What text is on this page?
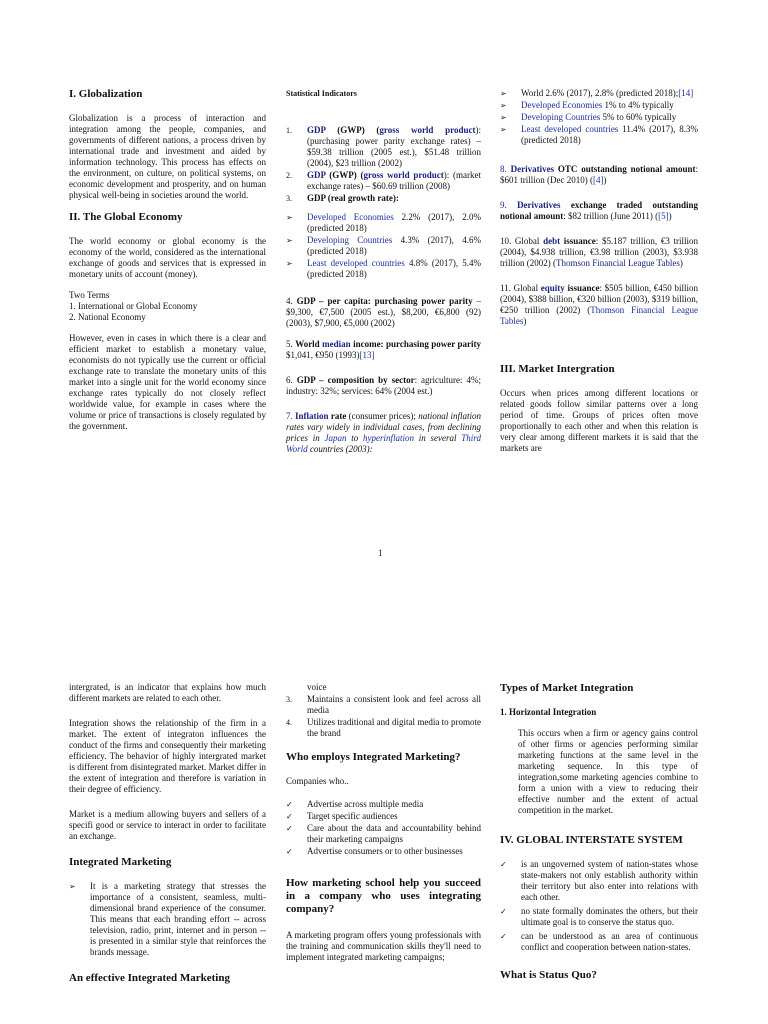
I. Globalization

Globalization is a process of interaction and integration among the people, companies, and governments of different nations, a process driven by international trade and investment and aided by information technology. This process has effects on the environment, on culture, on political systems, on economic development and prosperity, and on human physical well-being in societies around the world.

II. The Global Economy

The world economy or global economy is the economy of the world, considered as the international exchange of goods and services that is expressed in monetary units of account (money).

Two Terms
1. International or Global Economy
2. National Economy

However, even in cases in which there is a clear and efficient market to establish a monetary value, economists do not typically use the current or official exchange rate to translate the monetary units of this market into a single unit for the world economy since exchange rates typically do not closely reflect worldwide value, for example in cases where the volume or price of transactions is closely regulated by the government.

Statistical Indicators
1. GDP (GWP) (gross world product): (purchasing power parity exchange rates) – $59.38 trillion (2005 est.), $51.48 trillion (2004), $23 trillion (2002)
2. GDP (GWP) (gross world product): (market exchange rates) – $60.69 trillion (2008)
3. GDP (real growth rate):
➢ Developed Economies 2.2% (2017), 2.0% (predicted 2018)
➢ Developing Countries 4.3% (2017), 4.6% (predicted 2018)
➢ Least developed countries 4.8% (2017), 5.4% (predicted 2018)

4. GDP – per capita: purchasing power parity – $9,300, €7,500 (2005 est.), $8,200, €6,800 (92) (2003), $7,900, €5,000 (2002)

5. World median income: purchasing power parity $1,041, €950 (1993)[13]

6. GDP – composition by sector: agriculture: 4%; industry: 32%; services: 64% (2004 est.)

7. Inflation rate (consumer prices); national inflation rates vary widely in individual cases, from declining prices in Japan to hyperinflation in several Third World countries (2003):

➢ World 2.6% (2017), 2.8% (predicted 2018);[14]
➢ Developed Economies 1% to 4% typically
➢ Developing Countries 5% to 60% typically
➢ Least developed countries 11.4% (2017), 8.3% (predicted 2018)

8. Derivatives OTC outstanding notional amount: $601 trillion (Dec 2010) ([4])

9. Derivatives exchange traded outstanding notional amount: $82 trillion (June 2011) ([5])

10. Global debt issuance: $5.187 trillion, €3 trillion (2004), $4.938 trillion, €3.98 trillion (2003), $3.938 trillion (2002) (Thomson Financial League Tables)

11. Global equity issuance: $505 billion, €450 billion (2004), $388 billion, €320 billion (2003), $319 billion, €250 trillion (2002) (Thomson Financial League Tables)

III. Market Intergration

Occurs when prices among different locations or related goods follow similar patterns over a long period of time. Groups of prices often move proportionally to each other and when this relation is very clear among different markets it is said that the markets are

1

intergrated, is an indicator that explains how much different markets are related to each other.

Integration shows the relationship of the firm in a market. The extent of integraton influences the conduct of the firms and consequently their marketing efficiency. The behavior of highly intergrated market is different from disintegrated market. Market differ in the extent of integration and therefore is variation in their degree of efficiency.

Market is a medium allowing buyers and sellers of a specifi good or service to interact in order to facilitate an exchange.

Integrated Marketing
➢ It is a marketing strategy that stresses the importance of a consistent, seamless, multi-dimensional brand experience of the consumer. This means that each branding effort -- across television, radio, print, internet and in person -- is presented in a similar style that reinforces the brands message.
An effective Integrated Marketing
voice
3. Maintains a consistent look and feel across all media
4. Utilizes traditional and digital media to promote the brand
Who employs Integrated Marketing?

Companies who..

✓ Advertise across multiple media
✓ Target specific audiences
✓ Care about the data and accountability behind their marketing campaigns
✓ Advertise consumers or to other businesses
How marketing school help you succeed in a company who uses integrating company?

A marketing program offers young professionals with the training and communication skills they'll need to implement integrated marketing campaigns;

Types of Market Integration
1. Horizontal Integration

This occurs when a firm or agency gains control of other firms or agencies performing similar marketing functions at the same level in the marketing sequence. In this type of integration,some marketing agencies combine to form a union with a view to reducing their effective number and the extent of actual competition in the market.

IV. GLOBAL INTERSTATE SYSTEM
✓ is an ungoverned system of nation-states whose state-makers not only establish authority within their territory but also enter into relations with each other.
✓ no state formally dominates the others, but their ultimate goal is to conserve the status quo.
✓ can be understood as an area of continuous conflict and cooperation between nation-states.
What is Status Quo?
